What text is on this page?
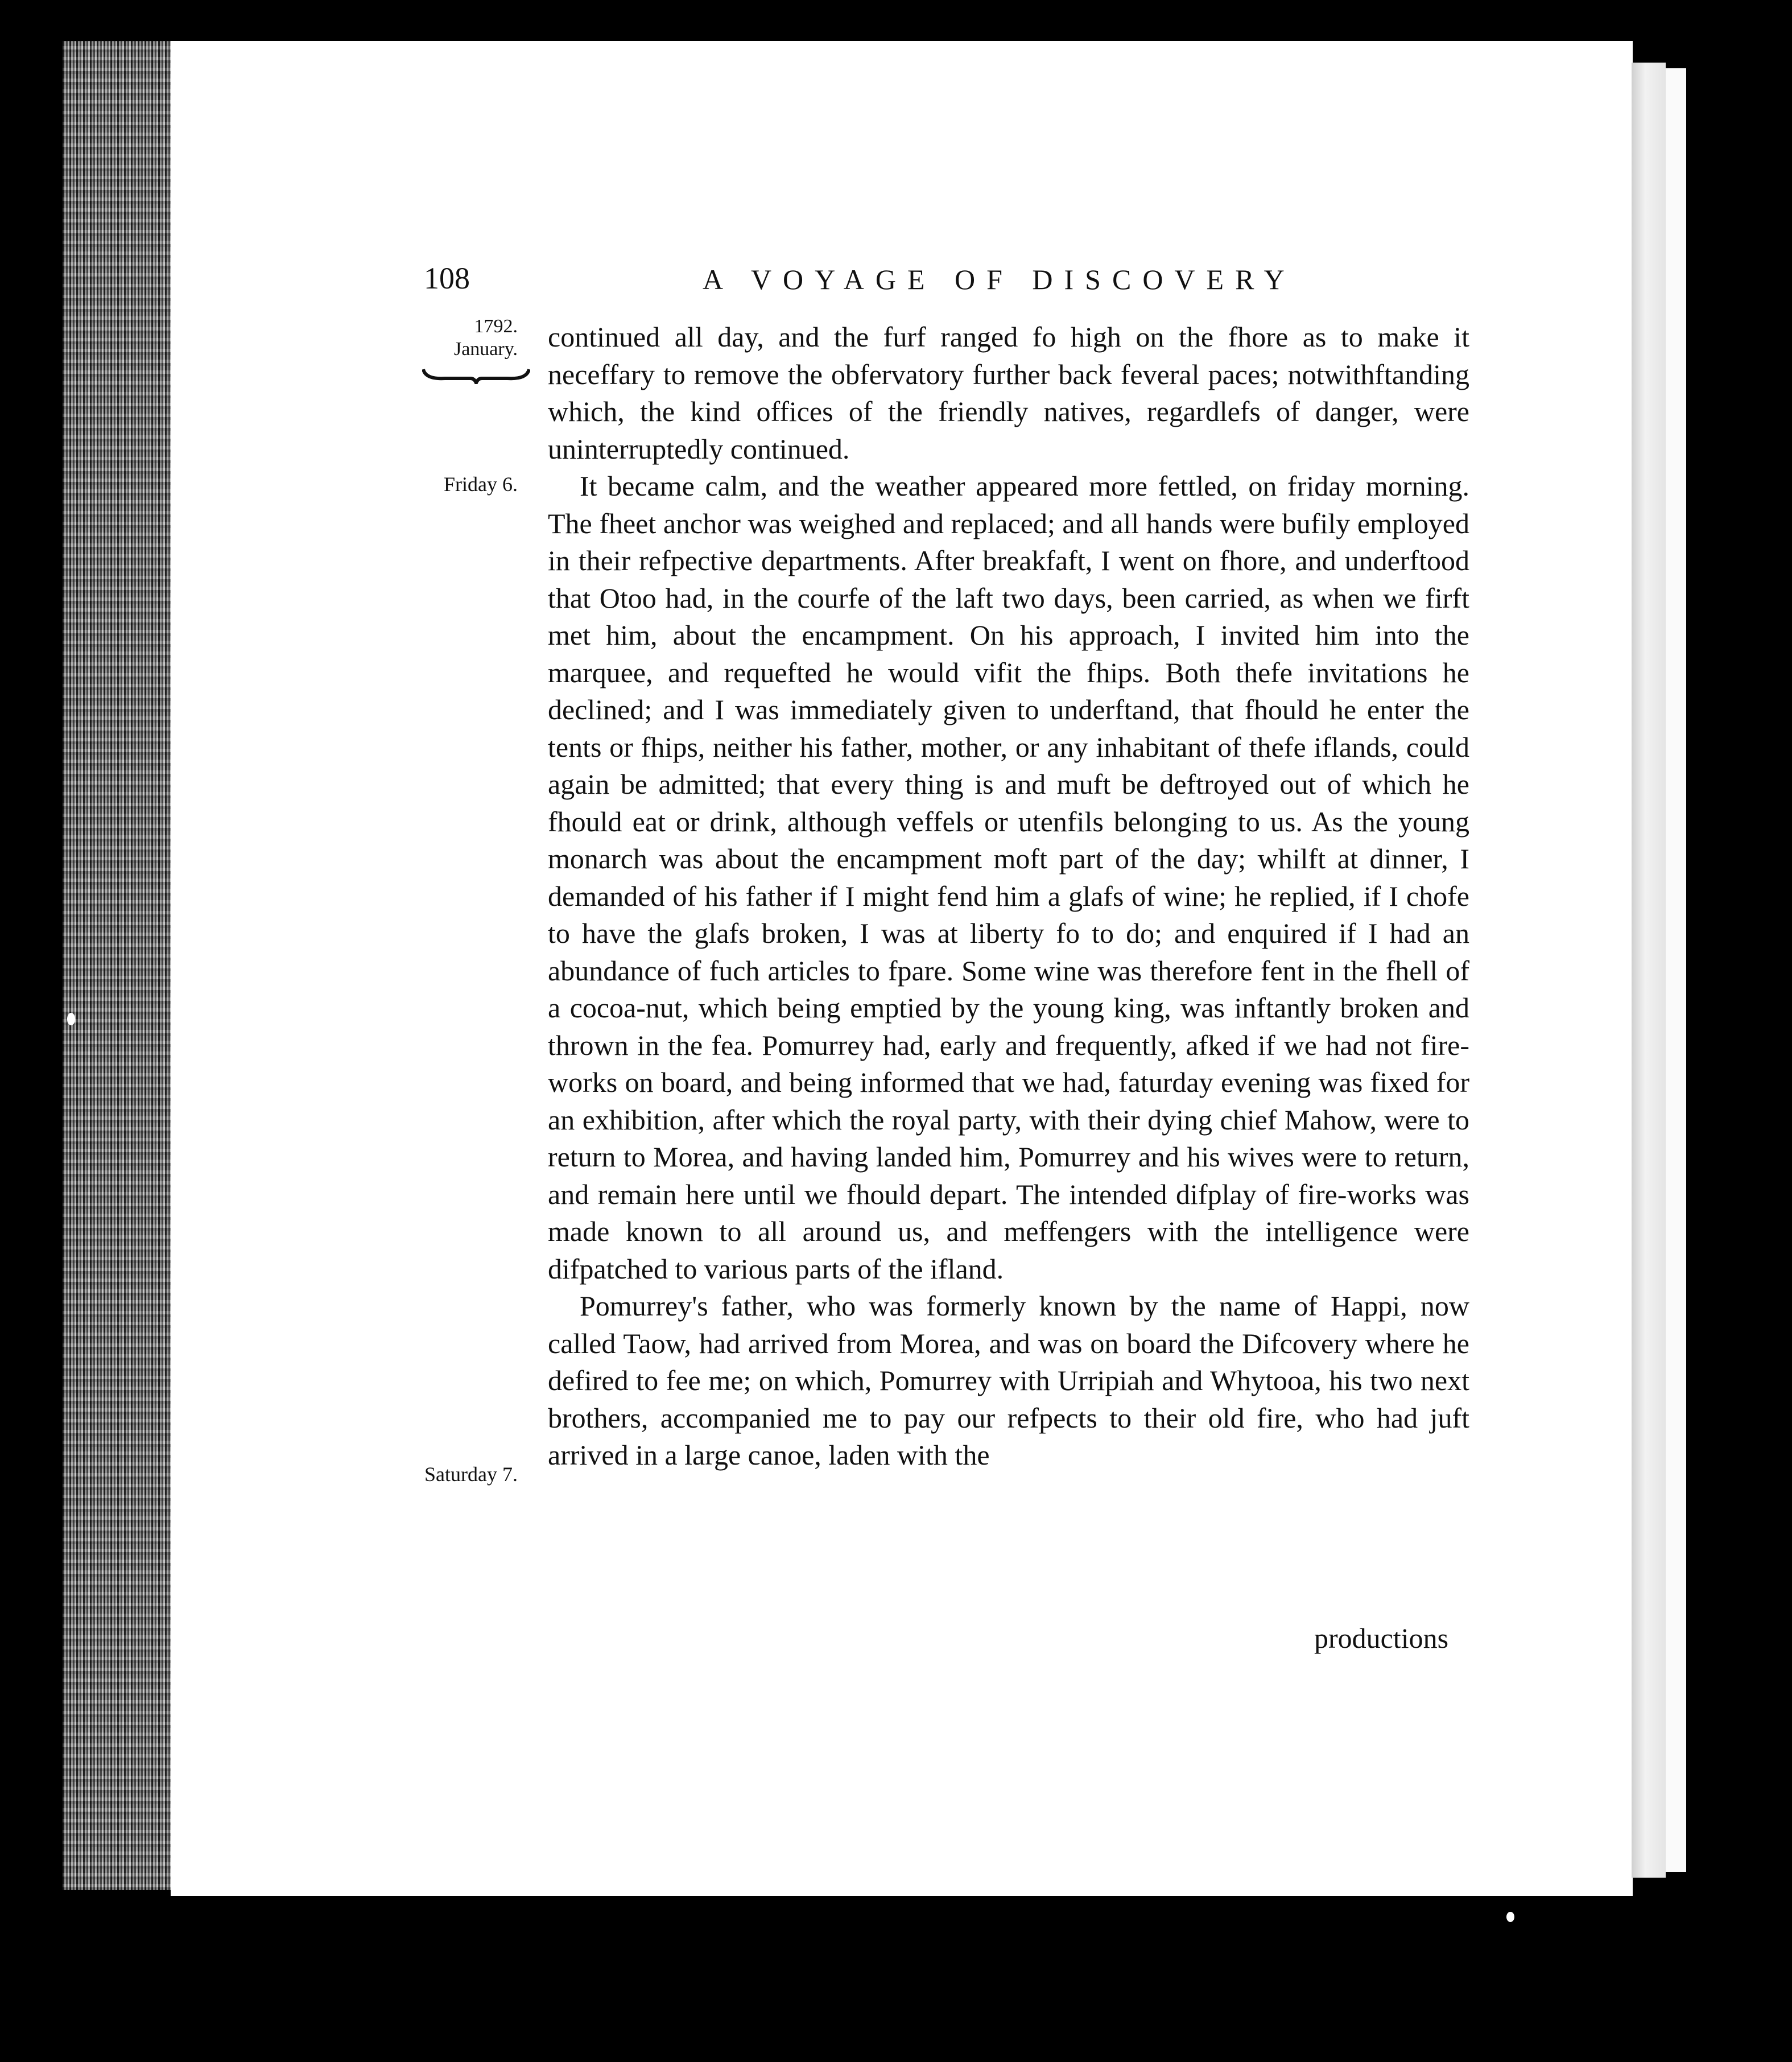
108	A VOYAGE OF DISCOVERY
1792.
January.
Friday 6.
Saturday 7.

continued all day, and the furf ranged fo high on the fhore as to make it neceffary to remove the obfervatory further back feveral paces; notwithftanding which, the kind offices of the friendly natives, regardlefs of danger, were uninterruptedly continued.

It became calm, and the weather appeared more fettled, on friday morning. The fheet anchor was weighed and replaced; and all hands were bufily employed in their refpective departments. After breakfaft, I went on fhore, and underftood that Otoo had, in the courfe of the laft two days, been carried, as when we firft met him, about the encampment. On his approach, I invited him into the marquee, and requefted he would vifit the fhips. Both thefe invitations he declined; and I was immediately given to underftand, that fhould he enter the tents or fhips, neither his father, mother, or any inhabitant of thefe iflands, could again be admitted; that every thing is and muft be deftroyed out of which he fhould eat or drink, although veffels or utenfils belonging to us. As the young monarch was about the encampment moft part of the day; whilft at dinner, I demanded of his father if I might fend him a glafs of wine; he replied, if I chofe to have the glafs broken, I was at liberty fo to do; and enquired if I had an abundance of fuch articles to fpare. Some wine was therefore fent in the fhell of a cocoa-nut, which being emptied by the young king, was inftantly broken and thrown in the fea. Pomurrey had, early and frequently, afked if we had not fire-works on board, and being informed that we had, faturday evening was fixed for an exhibition, after which the royal party, with their dying chief Mahow, were to return to Morea, and having landed him, Pomurrey and his wives were to return, and remain here until we fhould depart. The intended difplay of fire-works was made known to all around us, and meffengers with the intelligence were difpatched to various parts of the ifland.

Pomurrey's father, who was formerly known by the name of Happi, now called Taow, had arrived from Morea, and was on board the Difcovery where he defired to fee me; on which, Pomurrey with Urripiah and Whytooa, his two next brothers, accompanied me to pay our refpects to their old fire, who had juft arrived in a large canoe, laden with the

productions
